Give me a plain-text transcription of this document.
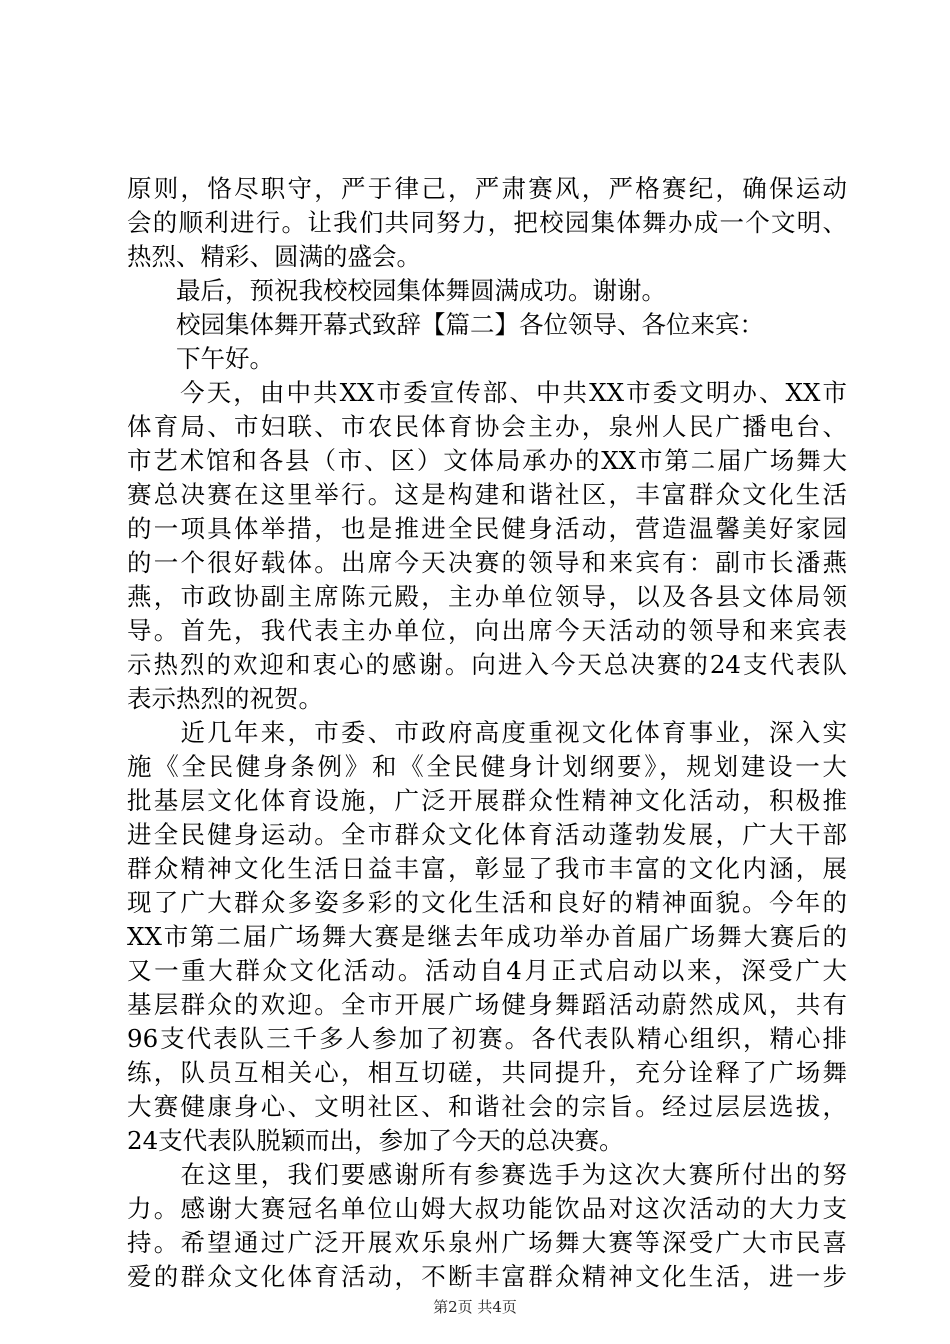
原则，恪尽职守，严于律己，严肃赛风，严格赛纪，确保运动
会的顺利进行。让我们共同努力，把校园集体舞办成一个文明、
热烈、精彩、圆满的盛会。
　　最后，预祝我校校园集体舞圆满成功。谢谢。
　　校园集体舞开幕式致辞【篇二】各位领导、各位来宾：
　　下午好。
　　今天，由中共XX市委宣传部、中共XX市委文明办、XX市
体育局、市妇联、市农民体育协会主办，泉州人民广播电台、
市艺术馆和各县（市、区）文体局承办的XX市第二届广场舞大
赛总决赛在这里举行。这是构建和谐社区，丰富群众文化生活
的一项具体举措，也是推进全民健身活动，营造温馨美好家园
的一个很好载体。出席今天决赛的领导和来宾有：副市长潘燕
燕，市政协副主席陈元殿，主办单位领导，以及各县文体局领
导。首先，我代表主办单位，向出席今天活动的领导和来宾表
示热烈的欢迎和衷心的感谢。向进入今天总决赛的24支代表队
表示热烈的祝贺。
　　近几年来，市委、市政府高度重视文化体育事业，深入实
施《全民健身条例》和《全民健身计划纲要》，规划建设一大
批基层文化体育设施，广泛开展群众性精神文化活动，积极推
进全民健身运动。全市群众文化体育活动蓬勃发展，广大干部
群众精神文化生活日益丰富，彰显了我市丰富的文化内涵，展
现了广大群众多姿多彩的文化生活和良好的精神面貌。今年的
XX市第二届广场舞大赛是继去年成功举办首届广场舞大赛后的
又一重大群众文化活动。活动自4月正式启动以来，深受广大
基层群众的欢迎。全市开展广场健身舞蹈活动蔚然成风，共有
96支代表队三千多人参加了初赛。各代表队精心组织，精心排
练，队员互相关心，相互切磋，共同提升，充分诠释了广场舞
大赛健康身心、文明社区、和谐社会的宗旨。经过层层选拔，
24支代表队脱颖而出，参加了今天的总决赛。
　　在这里，我们要感谢所有参赛选手为这次大赛所付出的努
力。感谢大赛冠名单位山姆大叔功能饮品对这次活动的大力支
持。希望通过广泛开展欢乐泉州广场舞大赛等深受广大市民喜
爱的群众文化体育活动，不断丰富群众精神文化生活，进一步
第2页 共4页
